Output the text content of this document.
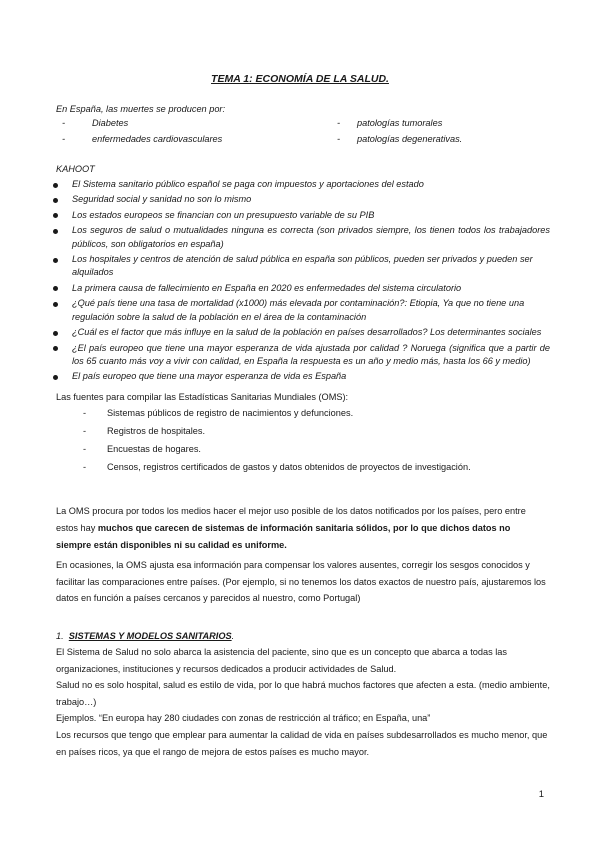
TEMA 1: ECONOMÍA DE LA SALUD.
En España, las muertes se producen por:
-	Diabetes
-	enfermedades cardiovasculares
- patologías tumorales
- patologías degenerativas.
KAHOOT
El Sistema sanitario público español se paga con impuestos y aportaciones del estado
Seguridad social y sanidad no son lo mismo
Los estados europeos se financian con un presupuesto variable de su PIB
Los seguros de salud o mutualidades ninguna es correcta (son privados siempre, los tienen todos los trabajadores públicos, son obligatorios en españa)
Los hospitales y centros de atención de salud pública en españa son públicos, pueden ser privados y pueden ser alquilados
La primera causa de fallecimiento en España en 2020 es enfermedades del sistema circulatorio
¿Qué país tiene una tasa de mortalidad (x1000) más elevada por contaminación?: Etiopia, Ya que no tiene una regulación sobre la salud de la población en el área de la contaminación
¿Cuál es el factor que más influye en la salud de la población en países desarrollados? Los determinantes sociales
¿El país europeo que tiene una mayor esperanza de vida ajustada por calidad ? Noruega (significa que a partir de los 65 cuanto más voy a vivir con calidad, en España la respuesta es un año y medio más, hasta los 66 y medio)
El país europeo que tiene una mayor esperanza de vida es España
Las fuentes para compilar las Estadísticas Sanitarias Mundiales (OMS):
- Sistemas públicos de registro de nacimientos y defunciones.
- Registros de hospitales.
- Encuestas de hogares.
- Censos, registros certificados de gastos y datos obtenidos de proyectos de investigación.

La OMS procura por todos los medios hacer el mejor uso posible de los datos notificados por los países, pero entre estos hay muchos que carecen de sistemas de información sanitaria sólidos, por lo que dichos datos no siempre están disponibles ni su calidad es uniforme.

En ocasiones, la OMS ajusta esa información para compensar los valores ausentes, corregir los sesgos conocidos y facilitar las comparaciones entre países. (Por ejemplo, si no tenemos los datos exactos de nuestro país, ajustaremos los datos en función a países cercanos y parecidos al nuestro, como Portugal)
1. SISTEMAS Y MODELOS SANITARIOS.

El Sistema de Salud no solo abarca la asistencia del paciente, sino que es un concepto que abarca a todas las organizaciones, instituciones y recursos dedicados a producir actividades de Salud.

Salud no es solo hospital, salud es estilo de vida, por lo que habrá muchos factores que afecten a esta. (medio ambiente, trabajo…)

Ejemplos. “En europa hay 280 ciudades con zonas de restricción al tráfico; en España, una”

Los recursos que tengo que emplear para aumentar la calidad de vida en países subdesarrollados es mucho menor, que en países ricos, ya que el rango de mejora de estos países es mucho mayor.

1
